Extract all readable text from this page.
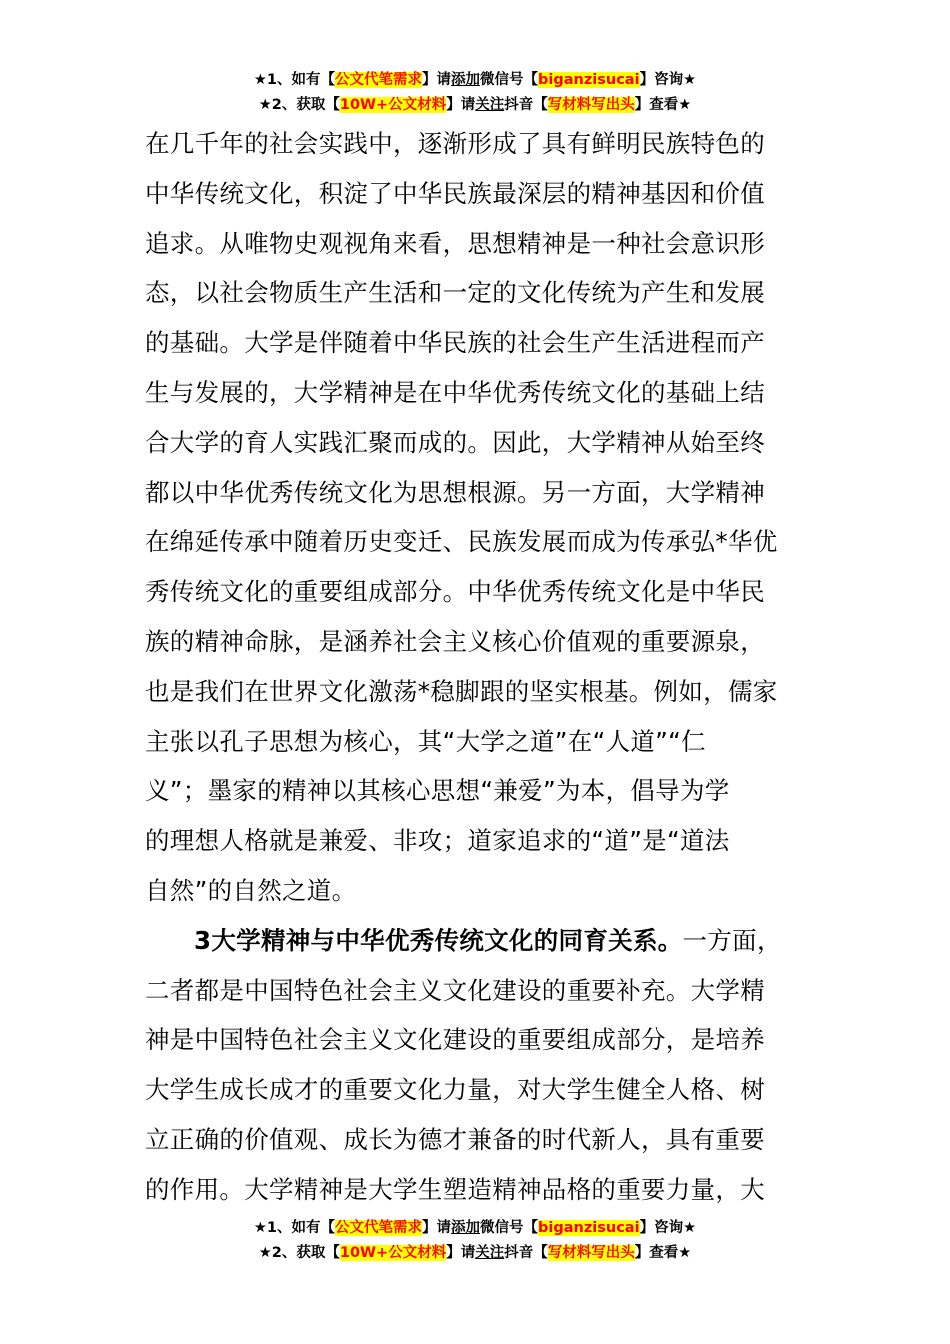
★1、如有【公文代笔需求】请添加微信号【biganzisucai】咨询★
★2、获取【10W+公文材料】请关注抖音【写材料写出头】查看★
在几千年的社会实践中，逐渐形成了具有鲜明民族特色的
中华传统文化，积淀了中华民族最深层的精神基因和价值
追求。从唯物史观视角来看，思想精神是一种社会意识形
态，以社会物质生产生活和一定的文化传统为产生和发展
的基础。大学是伴随着中华民族的社会生产生活进程而产
生与发展的，大学精神是在中华优秀传统文化的基础上结
合大学的育人实践汇聚而成的。因此，大学精神从始至终
都以中华优秀传统文化为思想根源。另一方面，大学精神
在绵延传承中随着历史变迁、民族发展而成为传承弘*华优
秀传统文化的重要组成部分。中华优秀传统文化是中华民
族的精神命脉，是涵养社会主义核心价值观的重要源泉，
也是我们在世界文化激荡*稳脚跟的坚实根基。例如，儒家
主张以孔子思想为核心，其“大学之道”在“人道”“仁
义”；墨家的精神以其核心思想“兼爱”为本，倡导为学
的理想人格就是兼爱、非攻；道家追求的“道”是“道法
自然”的自然之道。
3大学精神与中华优秀传统文化的同育关系。一方面，
二者都是中国特色社会主义文化建设的重要补充。大学精
神是中国特色社会主义文化建设的重要组成部分，是培养
大学生成长成才的重要文化力量，对大学生健全人格、树
立正确的价值观、成长为德才兼备的时代新人，具有重要
的作用。大学精神是大学生塑造精神品格的重要力量，大
★1、如有【公文代笔需求】请添加微信号【biganzisucai】咨询★
★2、获取【10W+公文材料】请关注抖音【写材料写出头】查看★
